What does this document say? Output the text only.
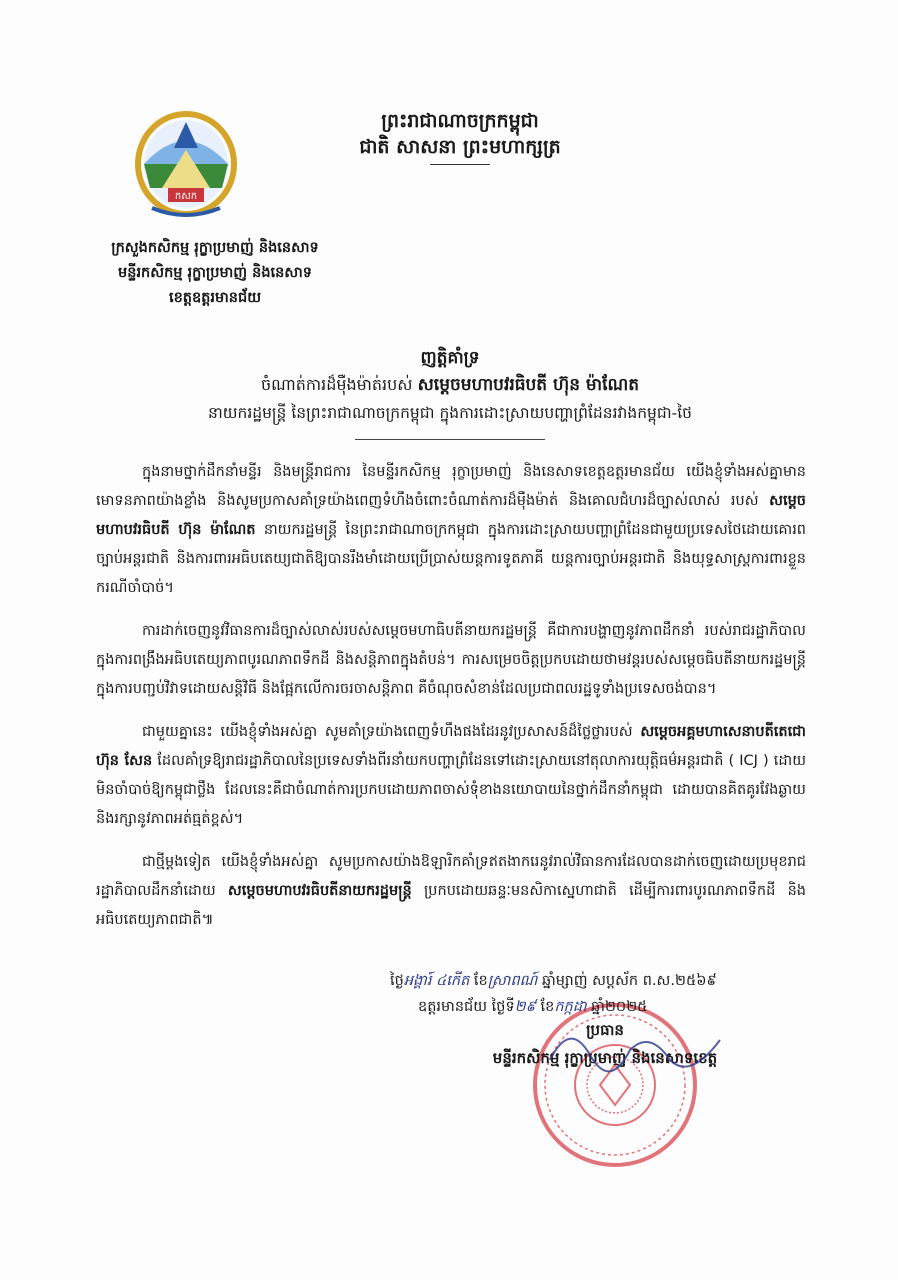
កសក
ព្រះរាជាណាចក្រកម្ពុជា
ជាតិ សាសនា ព្រះមហាក្សត្រ
ក្រសួងកសិកម្ម រុក្ខាប្រមាញ់ និងនេសាទ
មន្ទីរកសិកម្ម រុក្ខាប្រមាញ់ និងនេសាទ
ខេត្តឧត្តរមានជ័យ
ញត្តិគាំទ្រ
ចំណាត់ការដ៏ម៉ឺងម៉ាត់របស់ សម្តេចមហាបវរធិបតី ហ៊ុន ម៉ាណែត
នាយករដ្ឋមន្ត្រី នៃព្រះរាជាណាចក្រកម្ពុជា ក្នុងការដោះស្រាយបញ្ហាព្រំដែនរវាងកម្ពុជា-ថៃ

ក្នុងនាមថ្នាក់ដឹកនាំមន្ទីរ និងមន្ត្រីរាជការ នៃមន្ទីរកសិកម្ម រុក្ខាប្រមាញ់ និងនេសាទខេត្តឧត្តរមានជ័យ យើងខ្ញុំទាំងអស់គ្នាមានមោទនភាពយ៉ាងខ្លាំង និងសូមប្រកាសគាំទ្រយ៉ាងពេញទំហឹងចំពោះចំណាត់ការដ៏ម៉ឺងម៉ាត់ និងគោលជំហរដ៏ច្បាស់លាស់ របស់ សម្តេចមហាបវរធិបតី ហ៊ុន ម៉ាណែត នាយករដ្ឋមន្ត្រី នៃព្រះរាជាណាចក្រកម្ពុជា ក្នុងការដោះស្រាយបញ្ហាព្រំដែនជាមួយប្រទេសថៃដោយគោរពច្បាប់អន្តរជាតិ និងការពារអធិបតេយ្យជាតិឱ្យបានរឹងមាំដោយប្រើប្រាស់យន្តការទូតភាគី យន្តការច្បាប់អន្តរជាតិ និងយុទ្ធសាស្ត្រការពារខ្លួនករណីចាំបាច់។

ការដាក់ចេញនូវវិធានការដ៏ច្បាស់លាស់របស់សម្តេចមហាធិបតីនាយករដ្ឋមន្ត្រី គឺជាការបង្ហាញនូវភាពដឹកនាំ របស់រាជរដ្ឋាភិបាល ក្នុងការពង្រឹងអធិបតេយ្យភាពបូរណភាពទឹកដី និងសន្តិភាពក្នុងតំបន់។ ការសម្រេចចិត្តប្រកបដោយថាមវន្តរបស់សម្តេចធិបតីនាយករដ្ឋមន្ត្រីក្នុងការបញ្ជប់វិវាទដោយសន្តិវិធី និងផ្អែកលើការចរចាសន្តិភាព គឺចំណុចសំខាន់ដែលប្រជាពលរដ្ឋទូទាំងប្រទេសចង់បាន។

ជាមួយគ្នានេះ យើងខ្ញុំទាំងអស់គ្នា សូមគាំទ្រយ៉ាងពេញទំហឹងផងដែរនូវប្រសាសន៍ដ៏ថ្លៃថ្លារបស់ សម្តេចអគ្គមហាសេនាបតីតេជោ ហ៊ុន សែន ដែលគាំទ្រឱ្យរាជរដ្ឋាភិបាលនៃប្រទេសទាំងពីរនាំយកបញ្ហាព្រំដែនទៅដោះស្រាយនៅតុលាការយុត្តិធម៌អន្តរជាតិ ( ICJ ) ដោយមិនចាំបាច់ឱ្យកម្ពុជាថ្លឹង ដែលនេះគឺជាចំណាត់ការប្រកបដោយភាពចាស់ទុំខាងនយោបាយនៃថ្នាក់ដឹកនាំកម្ពុជា ដោយបានគិតគូរវែងឆ្ងាយ និងរក្សានូវភាពអត់ធ្មត់ខ្ពស់។

ជាថ្មីម្តងទៀត យើងខ្ញុំទាំងអស់គ្នា សូមប្រកាសយ៉ាងឱឡារិកគាំទ្រឥតងាករេនូវរាល់វិធានការដែលបានដាក់ចេញដោយប្រមុខរាជរដ្ឋាភិបាលដឹកនាំដោយ សម្តេចមហាបវរធិបតីនាយករដ្ឋមន្ត្រី ប្រកបដោយឆន្ទៈមនសិកាស្នេហាជាតិ ដើម្បីការពារបូរណភាពទឹកដី និងអធិបតេយ្យភាពជាតិ៕

ថ្ងៃអង្គារ៍ ៤កើត ខែស្រាពណ៍ ឆ្នាំម្សាញ់ សប្តស័ក ព.ស.២៥៦៩
ឧត្តរមានជ័យ ថ្ងៃទី២៩ ខែកក្កដា ឆ្នាំ២០២៥
ប្រធាន
មន្ទីរកសិកម្ម រុក្ខាប្រមាញ់ និងនេសាទខេត្ត
